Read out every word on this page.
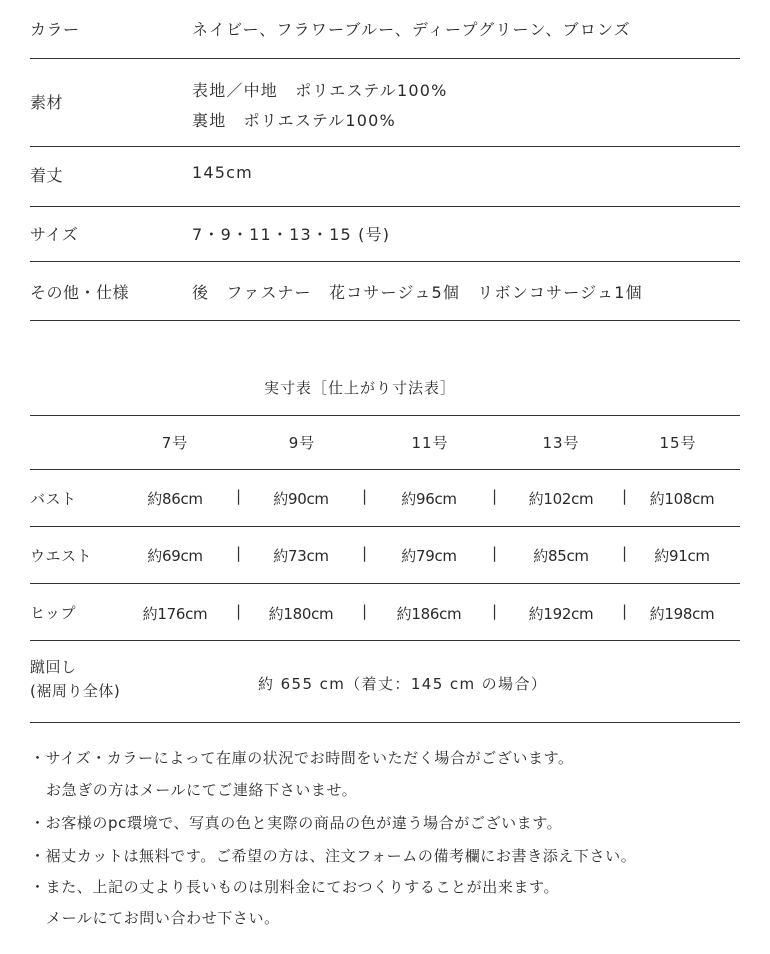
カラー	ネイビー、フラワーブルー、ディープグリーン、ブロンズ
素材
表地／中地　ポリエステル100%
裏地　ポリエステル100%
着丈	145cm
サイズ	7・9・11・13・15 (号)
その他・仕様	後　ファスナー　花コサージュ5個　リボンコサージュ1個
実寸表［仕上がり寸法表］
7号	9号	11号	13号	15号
バスト	約86cm	|	約90cm	|	約96cm	|	約102cm	|	約108cm
ウエスト	約69cm	|	約73cm	|	約79cm	|	約85cm	|	約91cm
ヒップ	約176cm	|	約180cm	|	約186cm	|	約192cm	|	約198cm
蹴回し
(裾周り全体)	約 655 cm（着丈：145 cm の場合）
・サイズ・カラーによって在庫の状況でお時間をいただく場合がございます。
お急ぎの方はメールにてご連絡下さいませ。
・お客様のpc環境で、写真の色と実際の商品の色が違う場合がございます。
・裾丈カットは無料です。ご希望の方は、注文フォームの備考欄にお書き添え下さい。
・また、上記の丈より長いものは別料金にておつくりすることが出来ます。
メールにてお問い合わせ下さい。
